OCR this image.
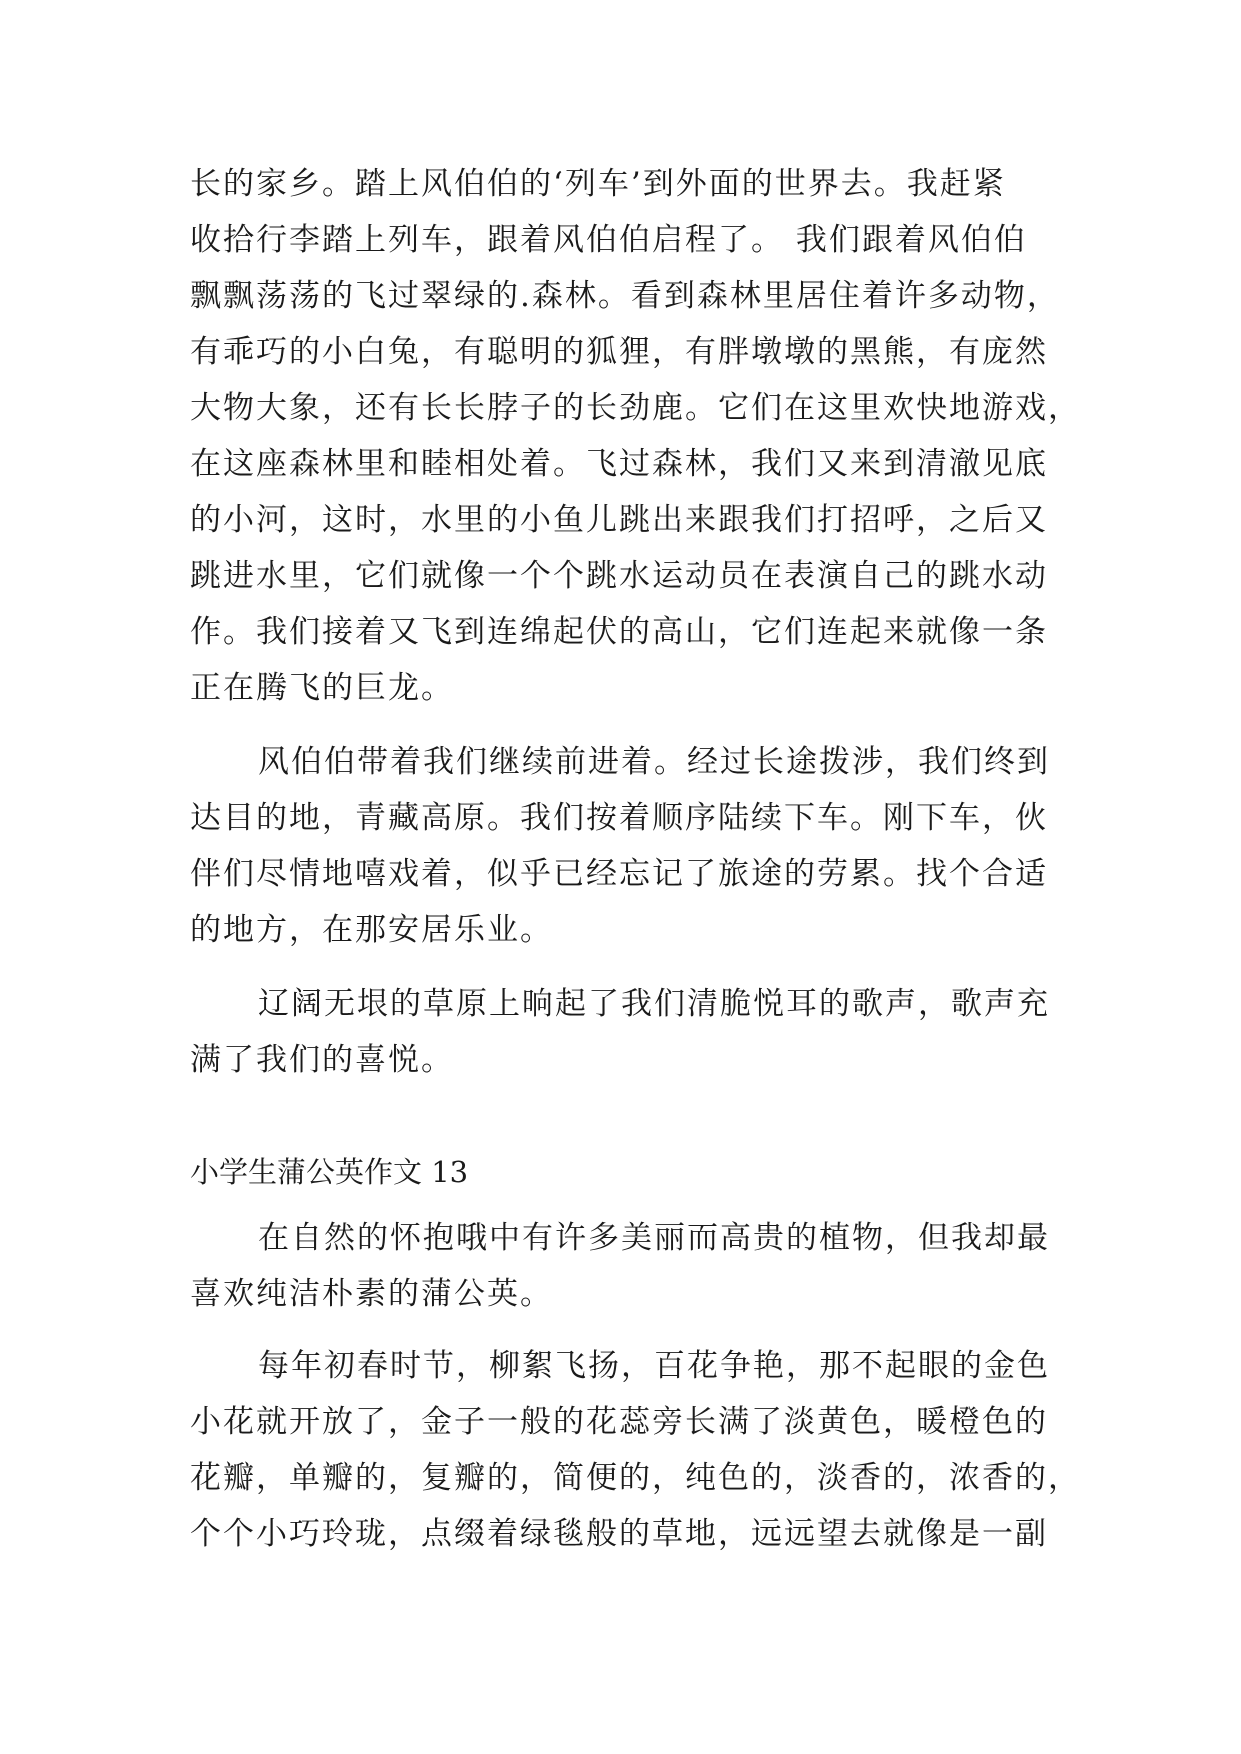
长的家乡。踏上风伯伯的‘列车’到外面的世界去。我赶紧
收拾行李踏上列车，跟着风伯伯启程了。 我们跟着风伯伯
飘飘荡荡的飞过翠绿的.森林。看到森林里居住着许多动物，
有乖巧的小白兔，有聪明的狐狸，有胖墩墩的黑熊，有庞然
大物大象，还有长长脖子的长劲鹿。它们在这里欢快地游戏，
在这座森林里和睦相处着。飞过森林，我们又来到清澈见底
的小河，这时，水里的小鱼儿跳出来跟我们打招呼，之后又
跳进水里，它们就像一个个跳水运动员在表演自己的跳水动
作。我们接着又飞到连绵起伏的高山，它们连起来就像一条
正在腾飞的巨龙。
风伯伯带着我们继续前进着。经过长途拨涉，我们终到
达目的地，青藏高原。我们按着顺序陆续下车。刚下车，伙
伴们尽情地嘻戏着，似乎已经忘记了旅途的劳累。找个合适
的地方，在那安居乐业。
辽阔无垠的草原上晌起了我们清脆悦耳的歌声，歌声充
满了我们的喜悦。
小学生蒲公英作文 13
在自然的怀抱哦中有许多美丽而高贵的植物，但我却最
喜欢纯洁朴素的蒲公英。
每年初春时节，柳絮飞扬，百花争艳，那不起眼的金色
小花就开放了，金子一般的花蕊旁长满了淡黄色，暖橙色的
花瓣，单瓣的，复瓣的，简便的，纯色的，淡香的，浓香的，
个个小巧玲珑，点缀着绿毯般的草地，远远望去就像是一副
